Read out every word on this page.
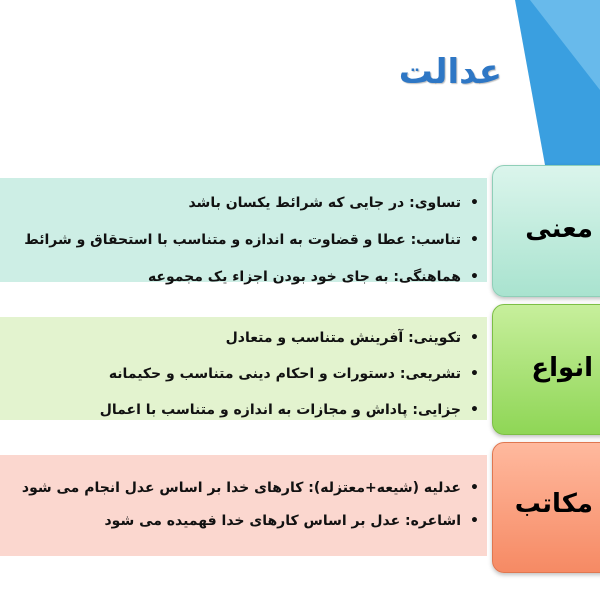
عدالت
• تساوی: در جایی که شرائط یکسان باشد
• تناسب: عطا و قضاوت به اندازه و متناسب با استحقاق و شرائط
• هماهنگی: به جای خود بودن اجزاء یک مجموعه
معنی
• تکوینی: آفرینش متناسب و متعادل
• تشریعی: دستورات و احکام دینی متناسب و حکیمانه
• جزایی: پاداش و مجازات به اندازه و متناسب با اعمال
انواع
• عدلیه (شیعه+معتزله): کارهای خدا بر اساس عدل انجام می شود
• اشاعره: عدل بر اساس کارهای خدا فهمیده می شود
مکاتب
